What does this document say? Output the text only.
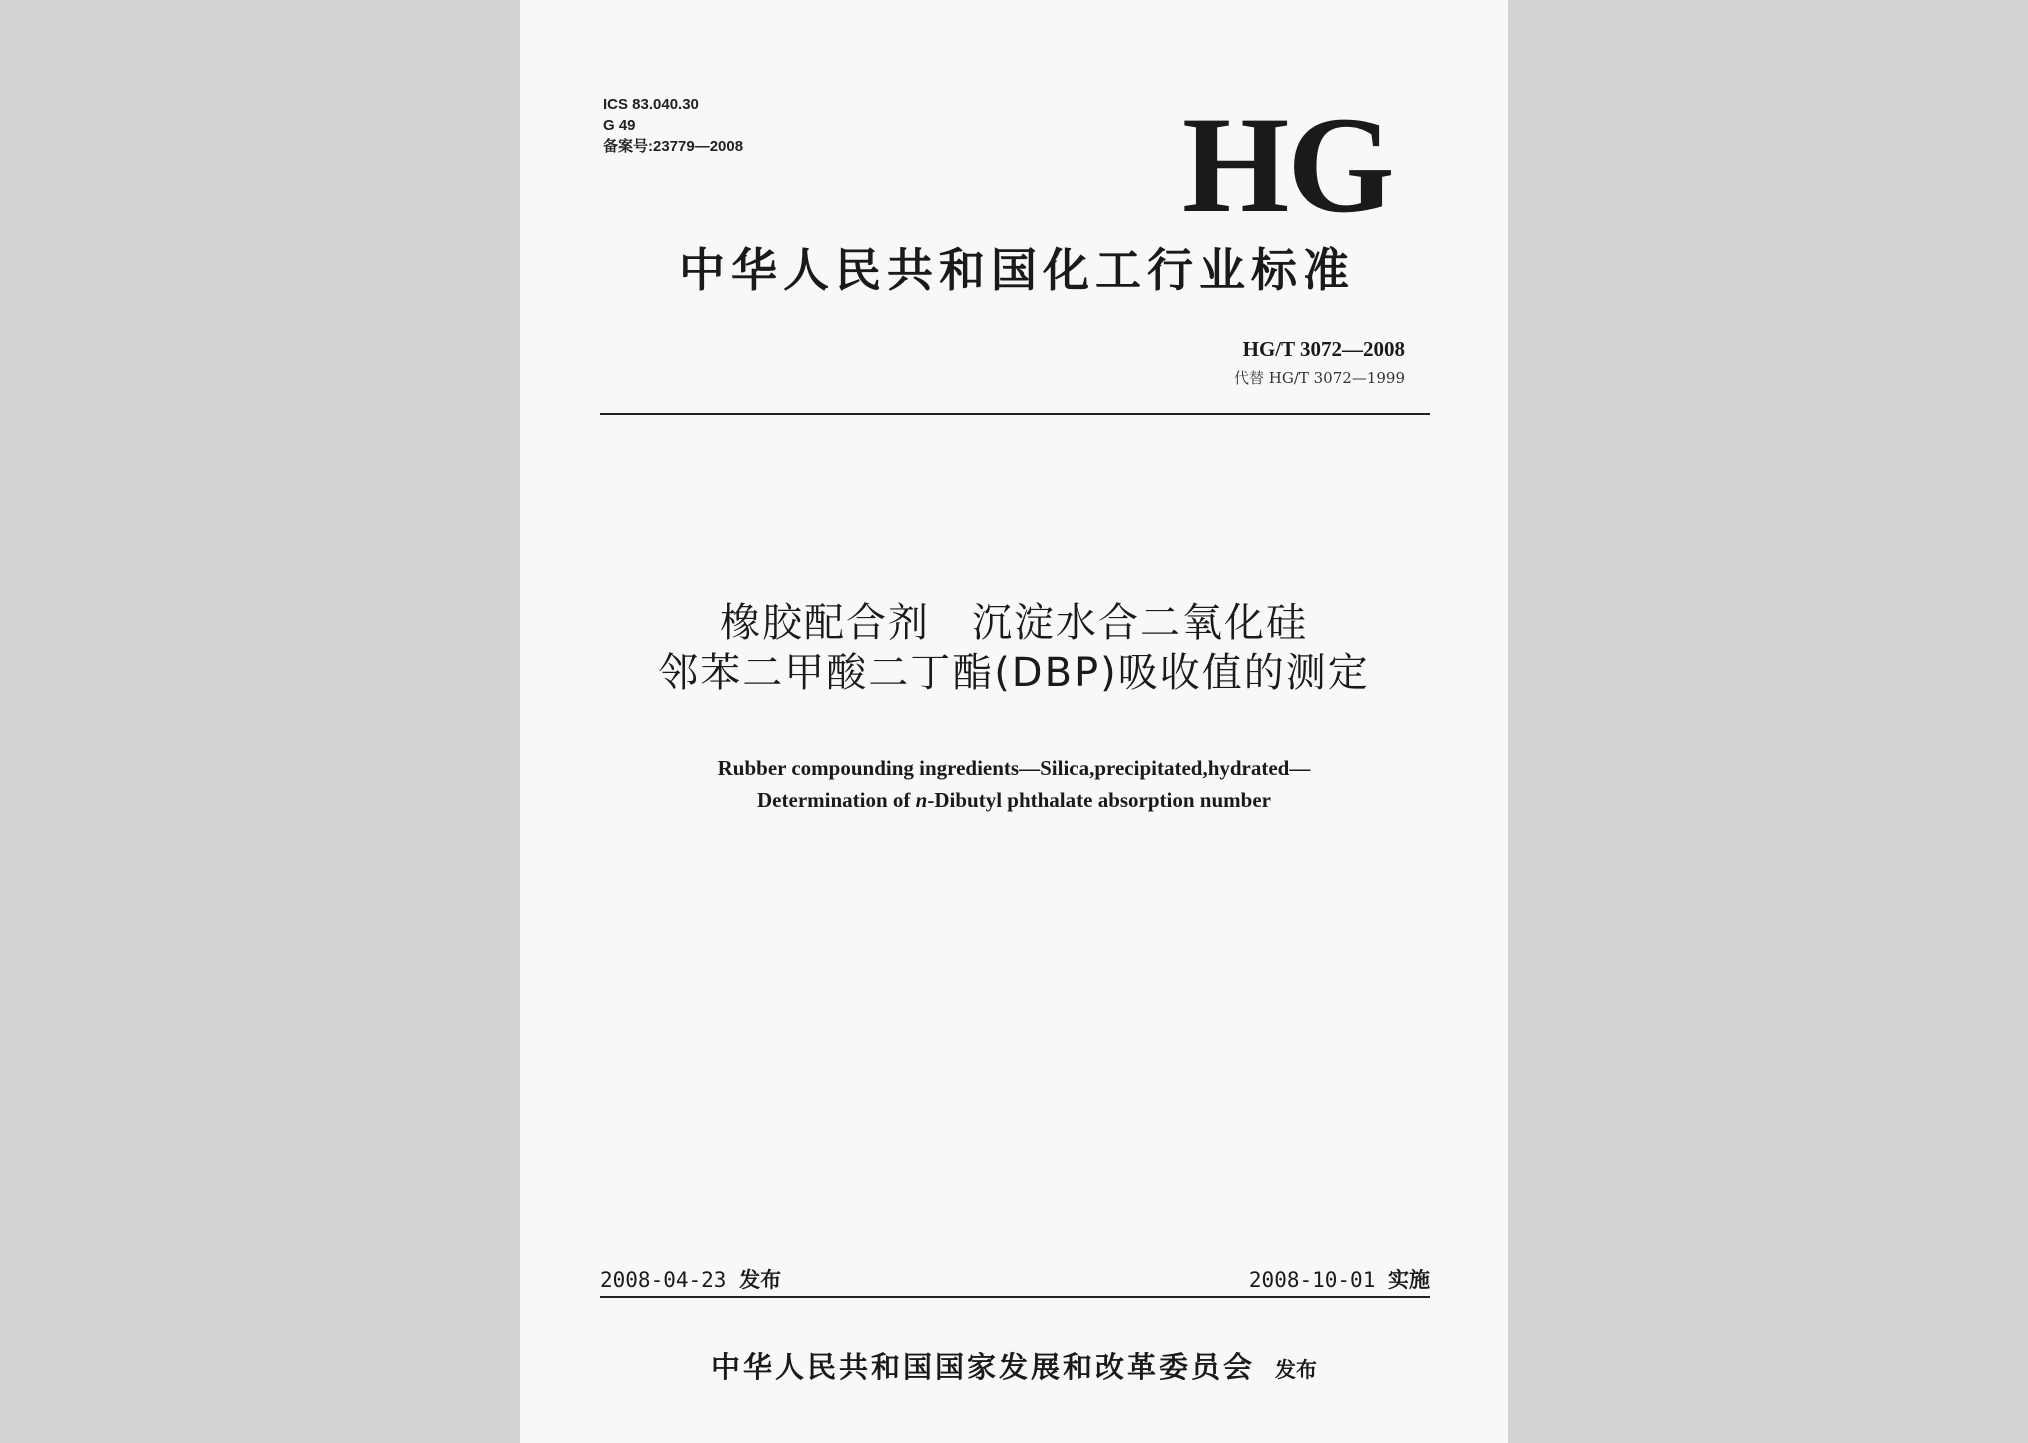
ICS 83.040.30
G 49
备案号:23779—2008	HG
中华人民共和国化工行业标准
HG/T 3072—2008
代替 HG/T 3072—1999
橡胶配合剂　沉淀水合二氧化硅
邻苯二甲酸二丁酯(DBP)吸收值的测定
Rubber compounding ingredients—Silica,precipitated,hydrated—
Determination of n-Dibutyl phthalate absorption number
2008-04-23 发布	2008-10-01 实施
中华人民共和国国家发展和改革委员会 发布
